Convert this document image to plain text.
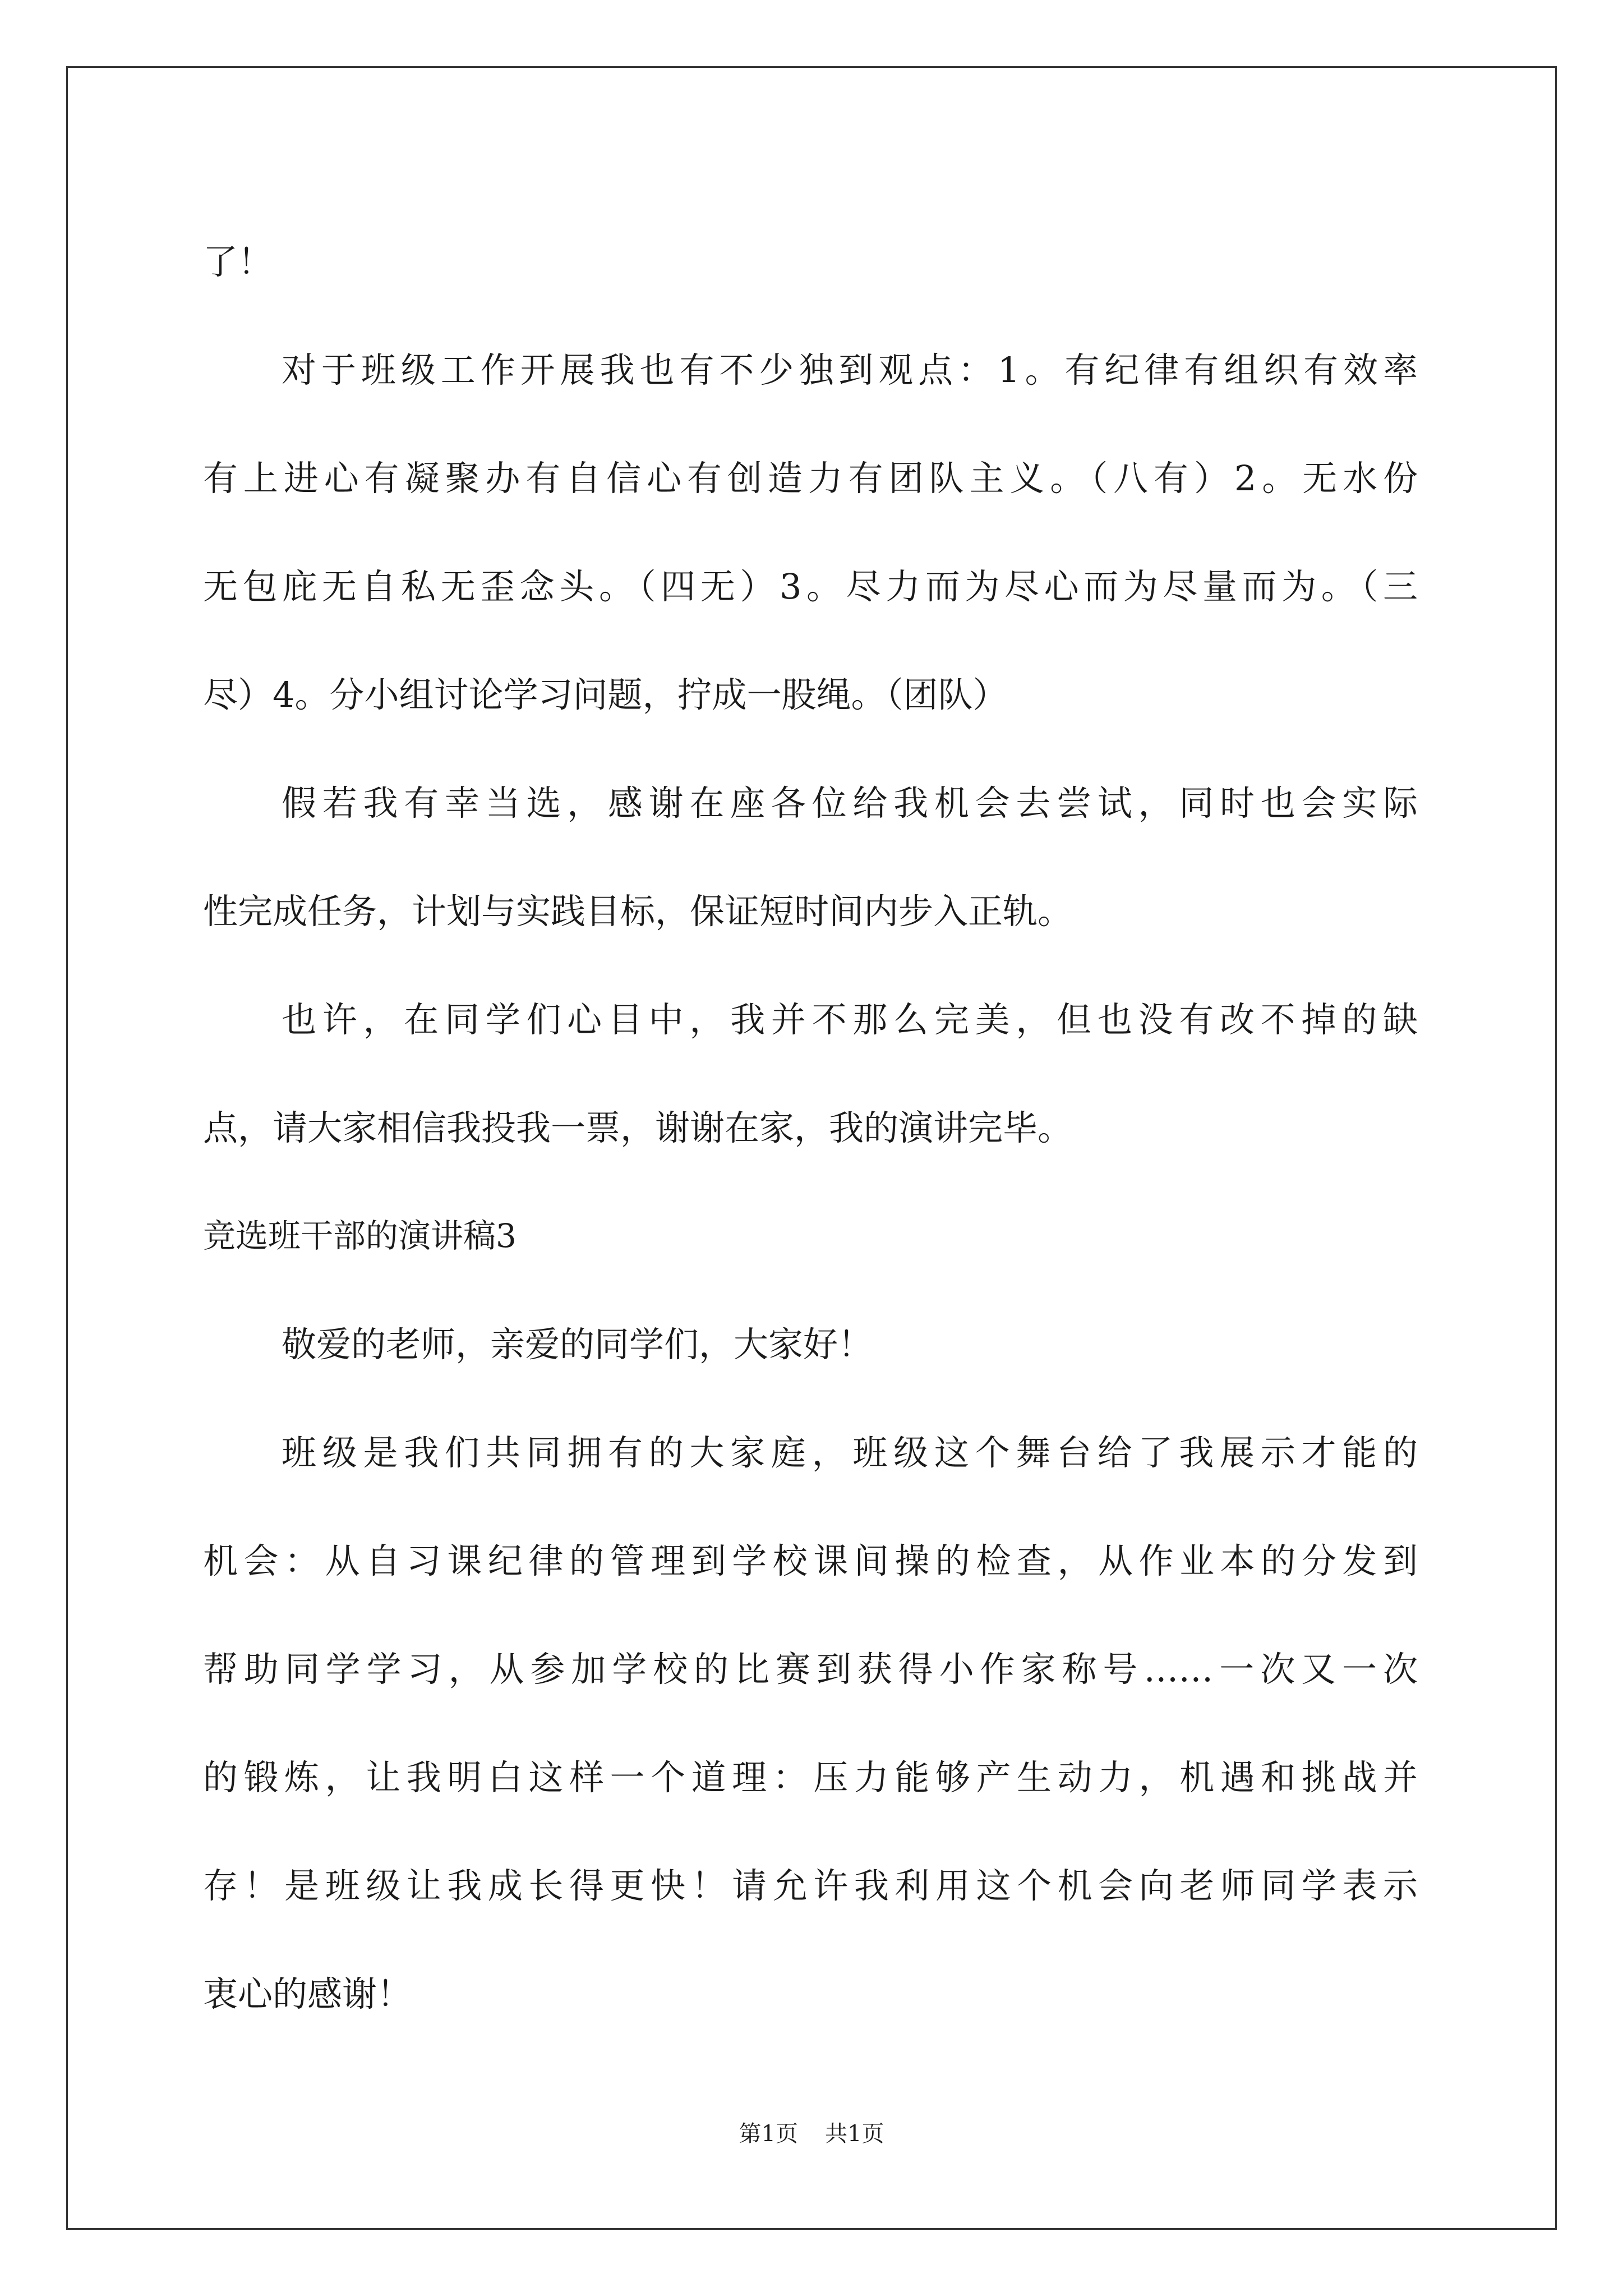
了！
对于班级工作开展我也有不少独到观点：1。有纪律有组织有效率
有上进心有凝聚办有自信心有创造力有团队主义。（八有）2。无水份
无包庇无自私无歪念头。（四无）3。尽力而为尽心而为尽量而为。（三
尽）4。分小组讨论学习问题，拧成一股绳。（团队）
假若我有幸当选，感谢在座各位给我机会去尝试，同时也会实际
性完成任务，计划与实践目标，保证短时间内步入正轨。
也许，在同学们心目中，我并不那么完美，但也没有改不掉的缺
点，请大家相信我投我一票，谢谢在家，我的演讲完毕。
竞选班干部的演讲稿3
敬爱的老师，亲爱的同学们，大家好！
班级是我们共同拥有的大家庭，班级这个舞台给了我展示才能的
机会：从自习课纪律的管理到学校课间操的检查，从作业本的分发到
帮助同学学习，从参加学校的比赛到获得小作家称号……一次又一次
的锻炼，让我明白这样一个道理：压力能够产生动力，机遇和挑战并
存！是班级让我成长得更快！请允许我利用这个机会向老师同学表示
衷心的感谢！
第1页 共1页
